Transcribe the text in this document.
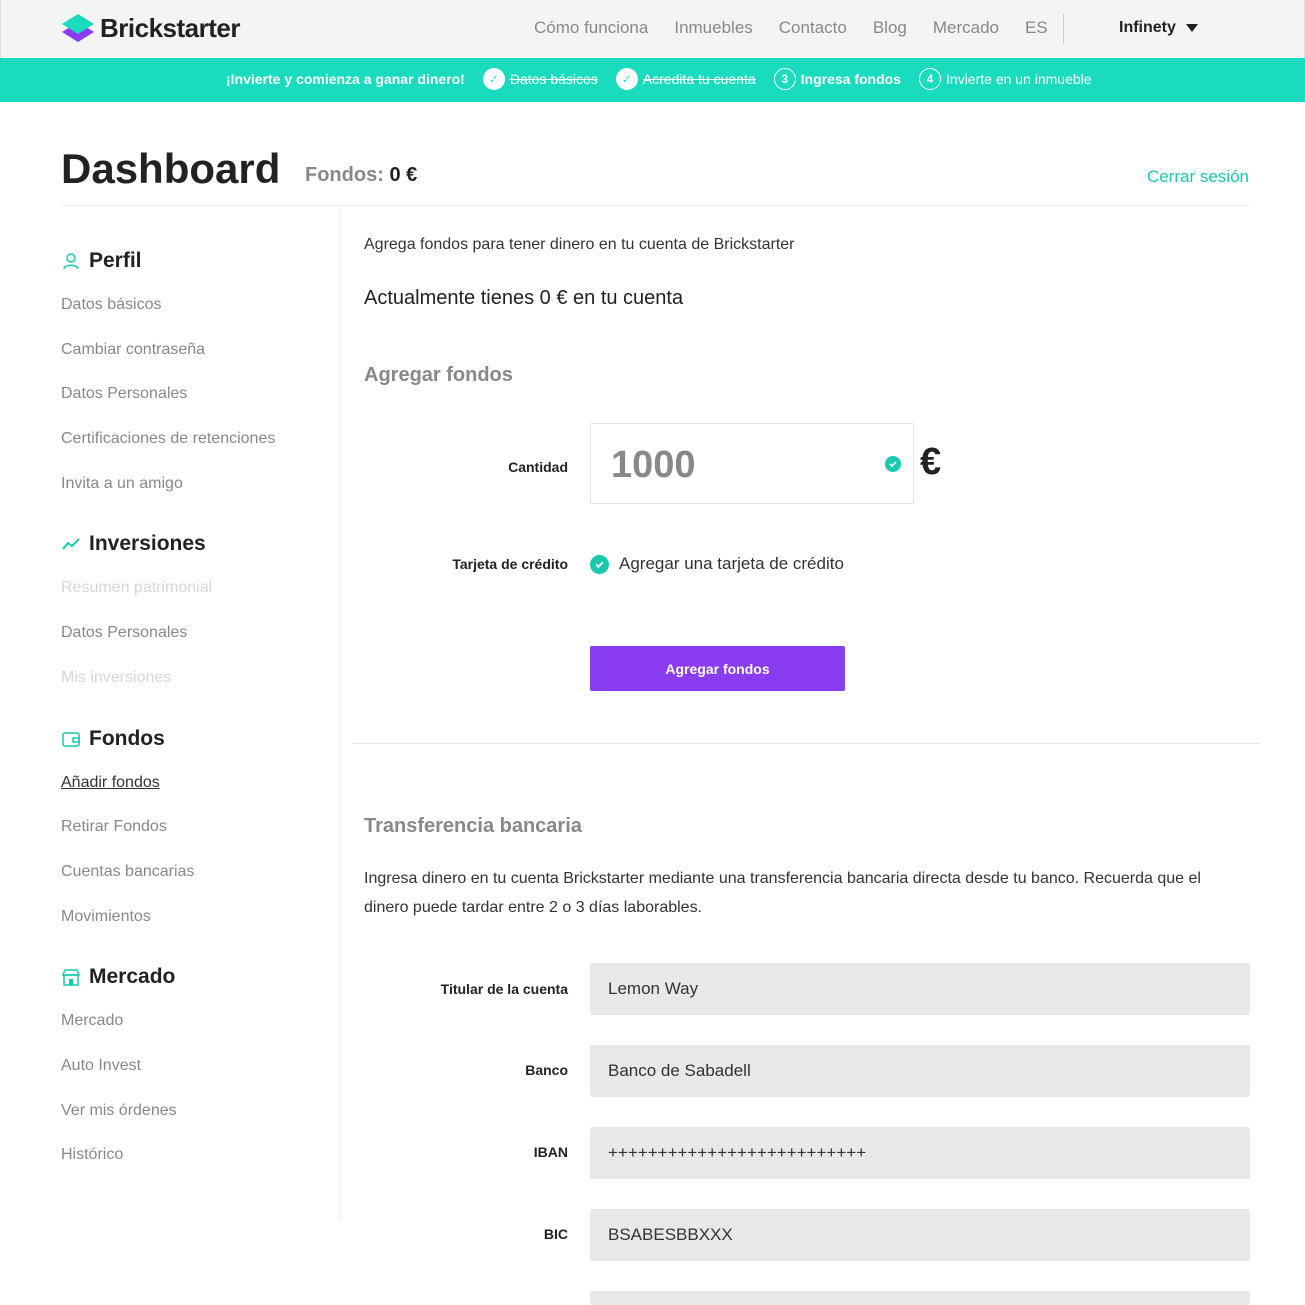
Brickstarter	Cómo funciona Inmuebles Contacto Blog Mercado ES	Infinety
¡Invierte y comienza a ganar dinero!	✓ Datos básicos	✓ Acredita tu cuenta	3 Ingresa fondos	4 Invierte en un inmueble
Dashboard Fondos: 0 €	Cerrar sesión
Perfil
Datos básicos
Cambiar contraseña
Datos Personales
Certificaciones de retenciones
Invita a un amigo
Inversiones
Resumen patrimonial
Datos Personales
Mis inversiones
Fondos
Añadir fondos
Retirar Fondos
Cuentas bancarias
Movimientos
Mercado
Mercado
Auto Invest
Ver mis órdenes
Histórico
Agrega fondos para tener dinero en tu cuenta de Brickstarter
Actualmente tienes 0 € en tu cuenta
Agregar fondos
Cantidad 1000	€
Tarjeta de crédito	Agregar una tarjeta de crédito
Agregar fondos
Transferencia bancaria
Ingresa dinero en tu cuenta Brickstarter mediante una transferencia bancaria directa desde tu banco. Recuerda que el dinero puede tardar entre 2 o 3 días laborables.
Titular de la cuenta	Lemon Way
Banco	Banco de Sabadell
IBAN	++++++++++++++++++++++++++
BIC	BSABESBBXXX
